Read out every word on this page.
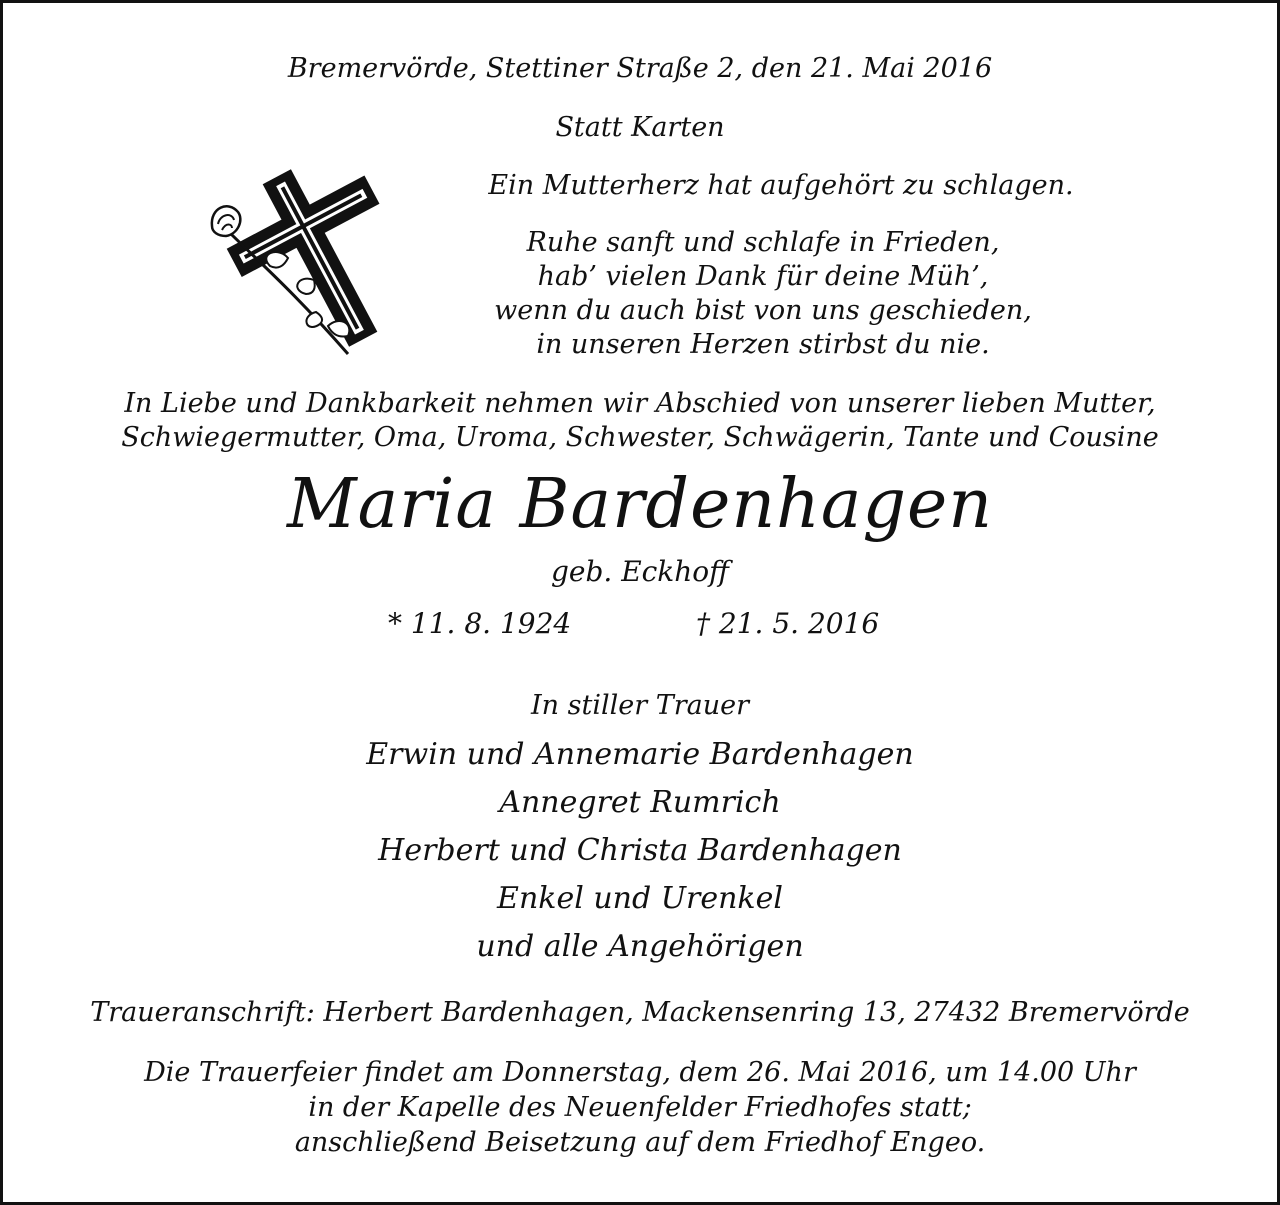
Bremervörde, Stettiner Straße 2, den 21. Mai 2016
Statt Karten
Ein Mutterherz hat aufgehört zu schlagen.
Ruhe sanft und schlafe in Frieden,
hab’ vielen Dank für deine Müh’,
wenn du auch bist von uns geschieden,
in unseren Herzen stirbst du nie.
In Liebe und Dankbarkeit nehmen wir Abschied von unserer lieben Mutter,
Schwiegermutter, Oma, Uroma, Schwester, Schwägerin, Tante und Cousine
Maria Bardenhagen
geb. Eckhoff
* 11. 8. 1924	† 21. 5. 2016
In stiller Trauer
Erwin und Annemarie Bardenhagen
Annegret Rumrich
Herbert und Christa Bardenhagen
Enkel und Urenkel
und alle Angehörigen
Traueranschrift: Herbert Bardenhagen, Mackensenring 13, 27432 Bremervörde
Die Trauerfeier findet am Donnerstag, dem 26. Mai 2016, um 14.00 Uhr
in der Kapelle des Neuenfelder Friedhofes statt;
anschließend Beisetzung auf dem Friedhof Engeo.
